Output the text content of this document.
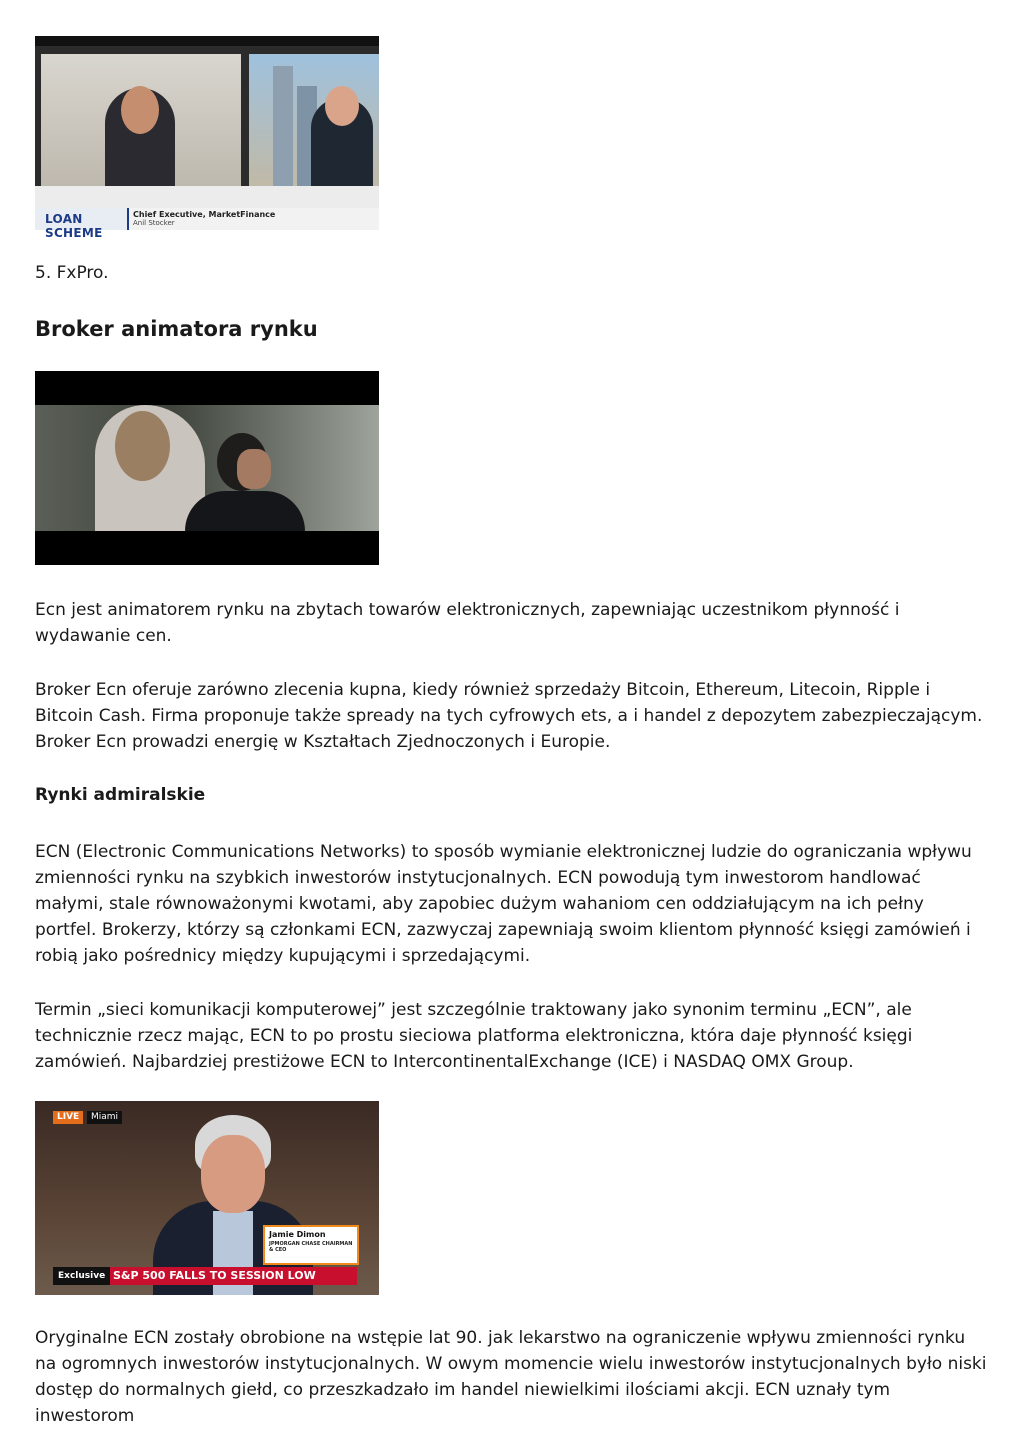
LOAN SCHEME
Chief Executive, MarketFinance
Anil Stocker

5. FxPro.

Broker animatora rynku

Ecn jest animatorem rynku na zbytach towarów elektronicznych, zapewniając uczestnikom płynność i wydawanie cen.

Broker Ecn oferuje zarówno zlecenia kupna, kiedy również sprzedaży Bitcoin, Ethereum, Litecoin, Ripple i Bitcoin Cash. Firma proponuje także spready na tych cyfrowych ets, a i handel z depozytem zabezpieczającym. Broker Ecn prowadzi energię w Kształtach Zjednoczonych i Europie.

Rynki admiralskie

ECN (Electronic Communications Networks) to sposób wymianie elektronicznej ludzie do ograniczania wpływu zmienności rynku na szybkich inwestorów instytucjonalnych. ECN powodują tym inwestorom handlować małymi, stale równoważonymi kwotami, aby zapobiec dużym wahaniom cen oddziałującym na ich pełny portfel. Brokerzy, którzy są członkami ECN, zazwyczaj zapewniają swoim klientom płynność księgi zamówień i robią jako pośrednicy między kupującymi i sprzedającymi.

Termin „sieci komunikacji komputerowej” jest szczególnie traktowany jako synonim terminu „ECN”, ale technicznie rzecz mając, ECN to po prostu sieciowa platforma elektroniczna, która daje płynność księgi zamówień. Najbardziej prestiżowe ECN to IntercontinentalExchange (ICE) i NASDAQ OMX Group.

LIVE	Miami
Jamie Dimon
JPMORGAN CHASE CHAIRMAN & CEO
Exclusive S&P 500 FALLS TO SESSION LOW

Oryginalne ECN zostały obrobione na wstępie lat 90. jak lekarstwo na ograniczenie wpływu zmienności rynku na ogromnych inwestorów instytucjonalnych. W owym momencie wielu inwestorów instytucjonalnych było niski dostęp do normalnych giełd, co przeszkadzało im handel niewielkimi ilościami akcji. ECN uznały tym inwestorom
